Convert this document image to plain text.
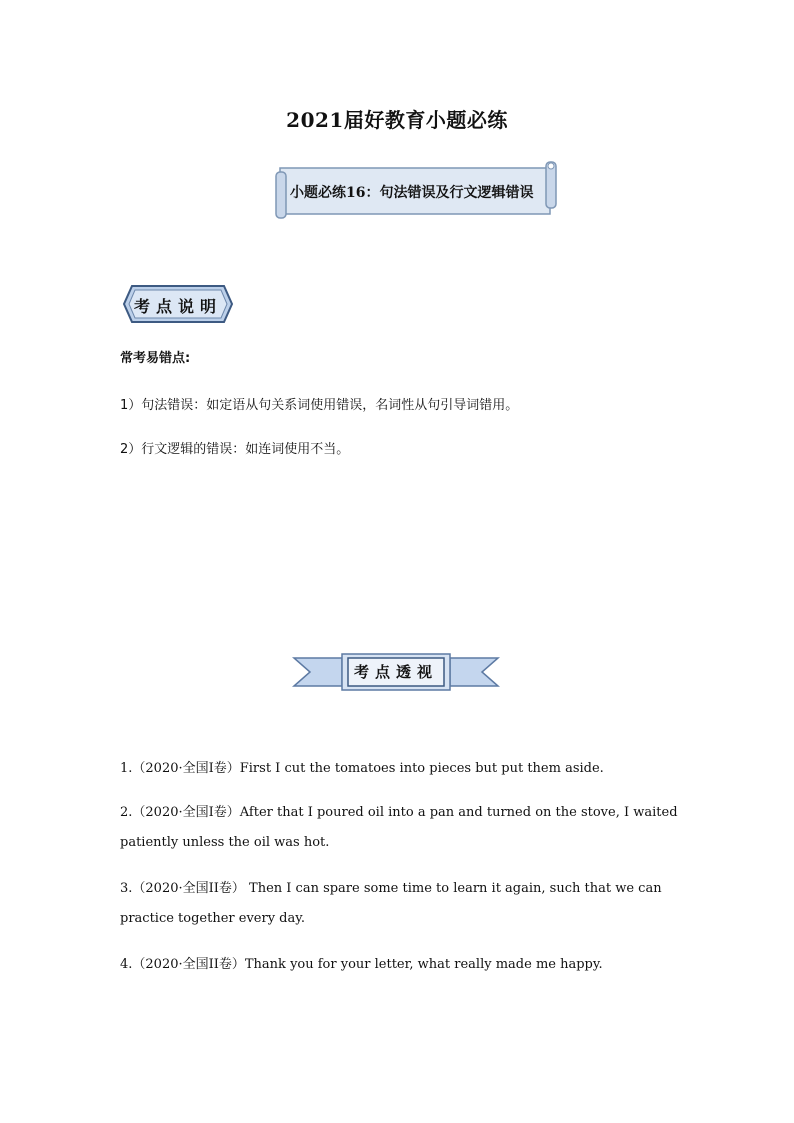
2021届好教育小题必练
小题必练16：句法错误及行文逻辑错误
考点说明
常考易错点:
1）句法错误：如定语从句关系词使用错误，名词性从句引导词错用。
2）行文逻辑的错误：如连词使用不当。
考点透视
1.（2020·全国Ⅰ卷）First I cut the tomatoes into pieces but put them aside.
2.（2020·全国Ⅰ卷）After that I poured oil into a pan and turned on the stove, I waited patiently unless the oil was hot.
3.（2020·全国II卷） Then I can spare some time to learn it again, such that we can practice together every day.
4.（2020·全国II卷）Thank you for your letter, what really made me happy.
